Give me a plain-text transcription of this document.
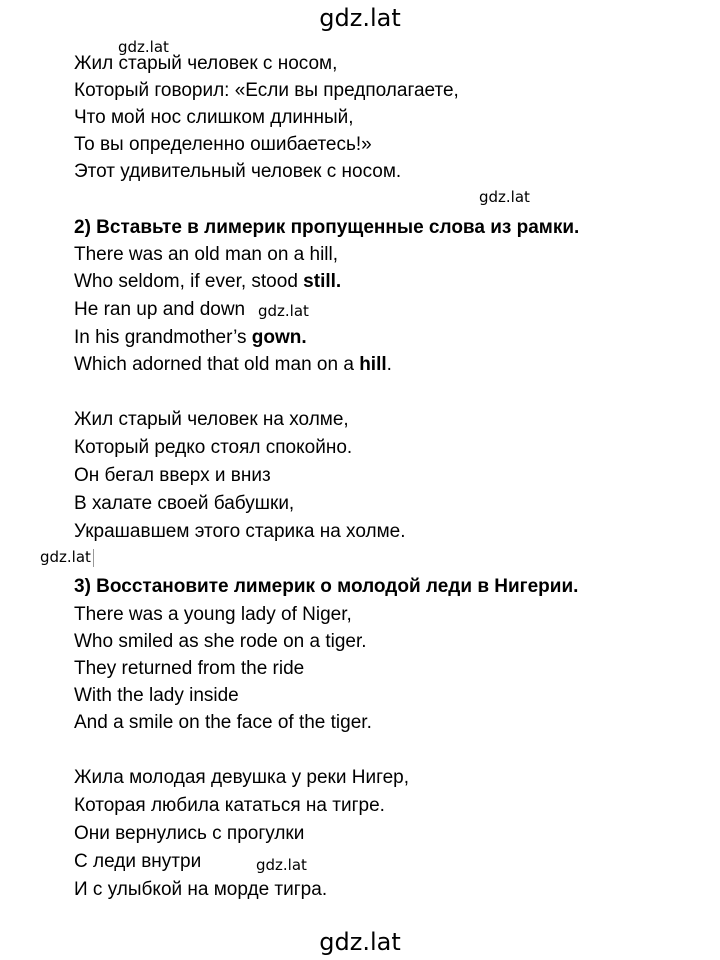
gdz.lat
gdz.lat
gdz.lat
gdz.lat
gdz.lat
gdz.lat
gdz.lat
Жил старый человек с носом,
Который говорил: «Если вы предполагаете,
Что мой нос слишком длинный,
То вы определенно ошибаетесь!»
Этот удивительный человек с носом.
2) Вставьте в лимерик пропущенные слова из рамки.
There was an old man on a hill,
Who seldom, if ever, stood still.
He ran up and down
In his grandmother’s gown.
Which adorned that old man on a hill.
Жил старый человек на холме,
Который редко стоял спокойно.
Он бегал вверх и вниз
В халате своей бабушки,
Украшавшем этого старика на холме.
3) Восстановите лимерик о молодой леди в Нигерии.
There was a young lady of Niger,
Who smiled as she rode on a tiger.
They returned from the ride
With the lady inside
And a smile on the face of the tiger.
Жила молодая девушка у реки Нигер,
Которая любила кататься на тигре.
Они вернулись с прогулки
С леди внутри
И с улыбкой на морде тигра.
